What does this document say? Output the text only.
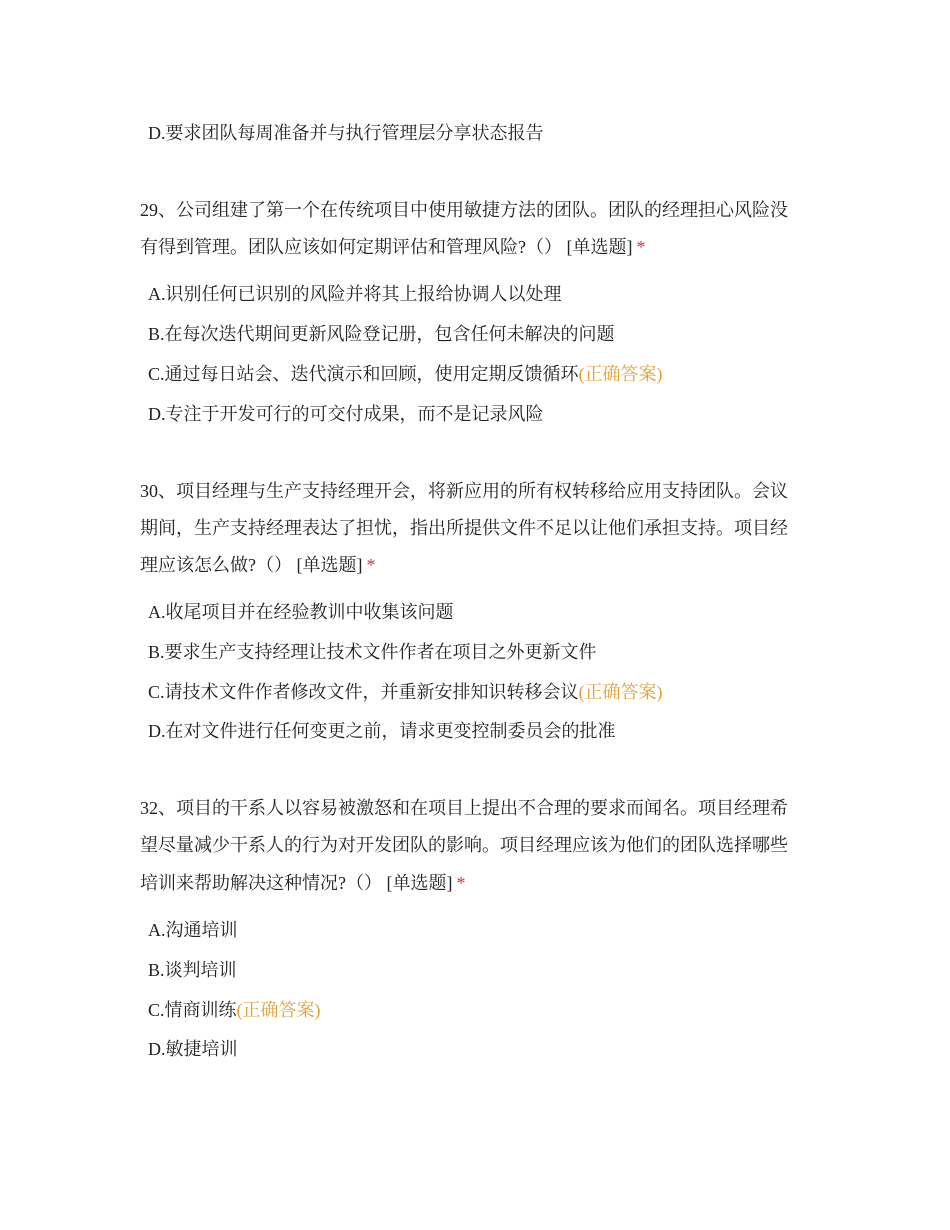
D.要求团队每周准备并与执行管理层分享状态报告
29、公司组建了第一个在传统项目中使用敏捷方法的团队。团队的经理担心风险没
有得到管理。团队应该如何定期评估和管理风险?（） [单选题] *
A.识别任何已识别的风险并将其上报给协调人以处理
B.在每次迭代期间更新风险登记册，包含任何未解决的问题
C.通过每日站会、迭代演示和回顾，使用定期反馈循环(正确答案)
D.专注于开发可行的可交付成果，而不是记录风险
30、项目经理与生产支持经理开会，将新应用的所有权转移给应用支持团队。会议
期间，生产支持经理表达了担忧，指出所提供文件不足以让他们承担支持。项目经
理应该怎么做?（） [单选题] *
A.收尾项目并在经验教训中收集该问题
B.要求生产支持经理让技术文件作者在项目之外更新文件
C.请技术文件作者修改文件，并重新安排知识转移会议(正确答案)
D.在对文件进行任何变更之前，请求更变控制委员会的批准
32、项目的干系人以容易被激怒和在项目上提出不合理的要求而闻名。项目经理希
望尽量减少干系人的行为对开发团队的影响。项目经理应该为他们的团队选择哪些
培训来帮助解决这种情况?（） [单选题] *
A.沟通培训
B.谈判培训
C.情商训练(正确答案)
D.敏捷培训
